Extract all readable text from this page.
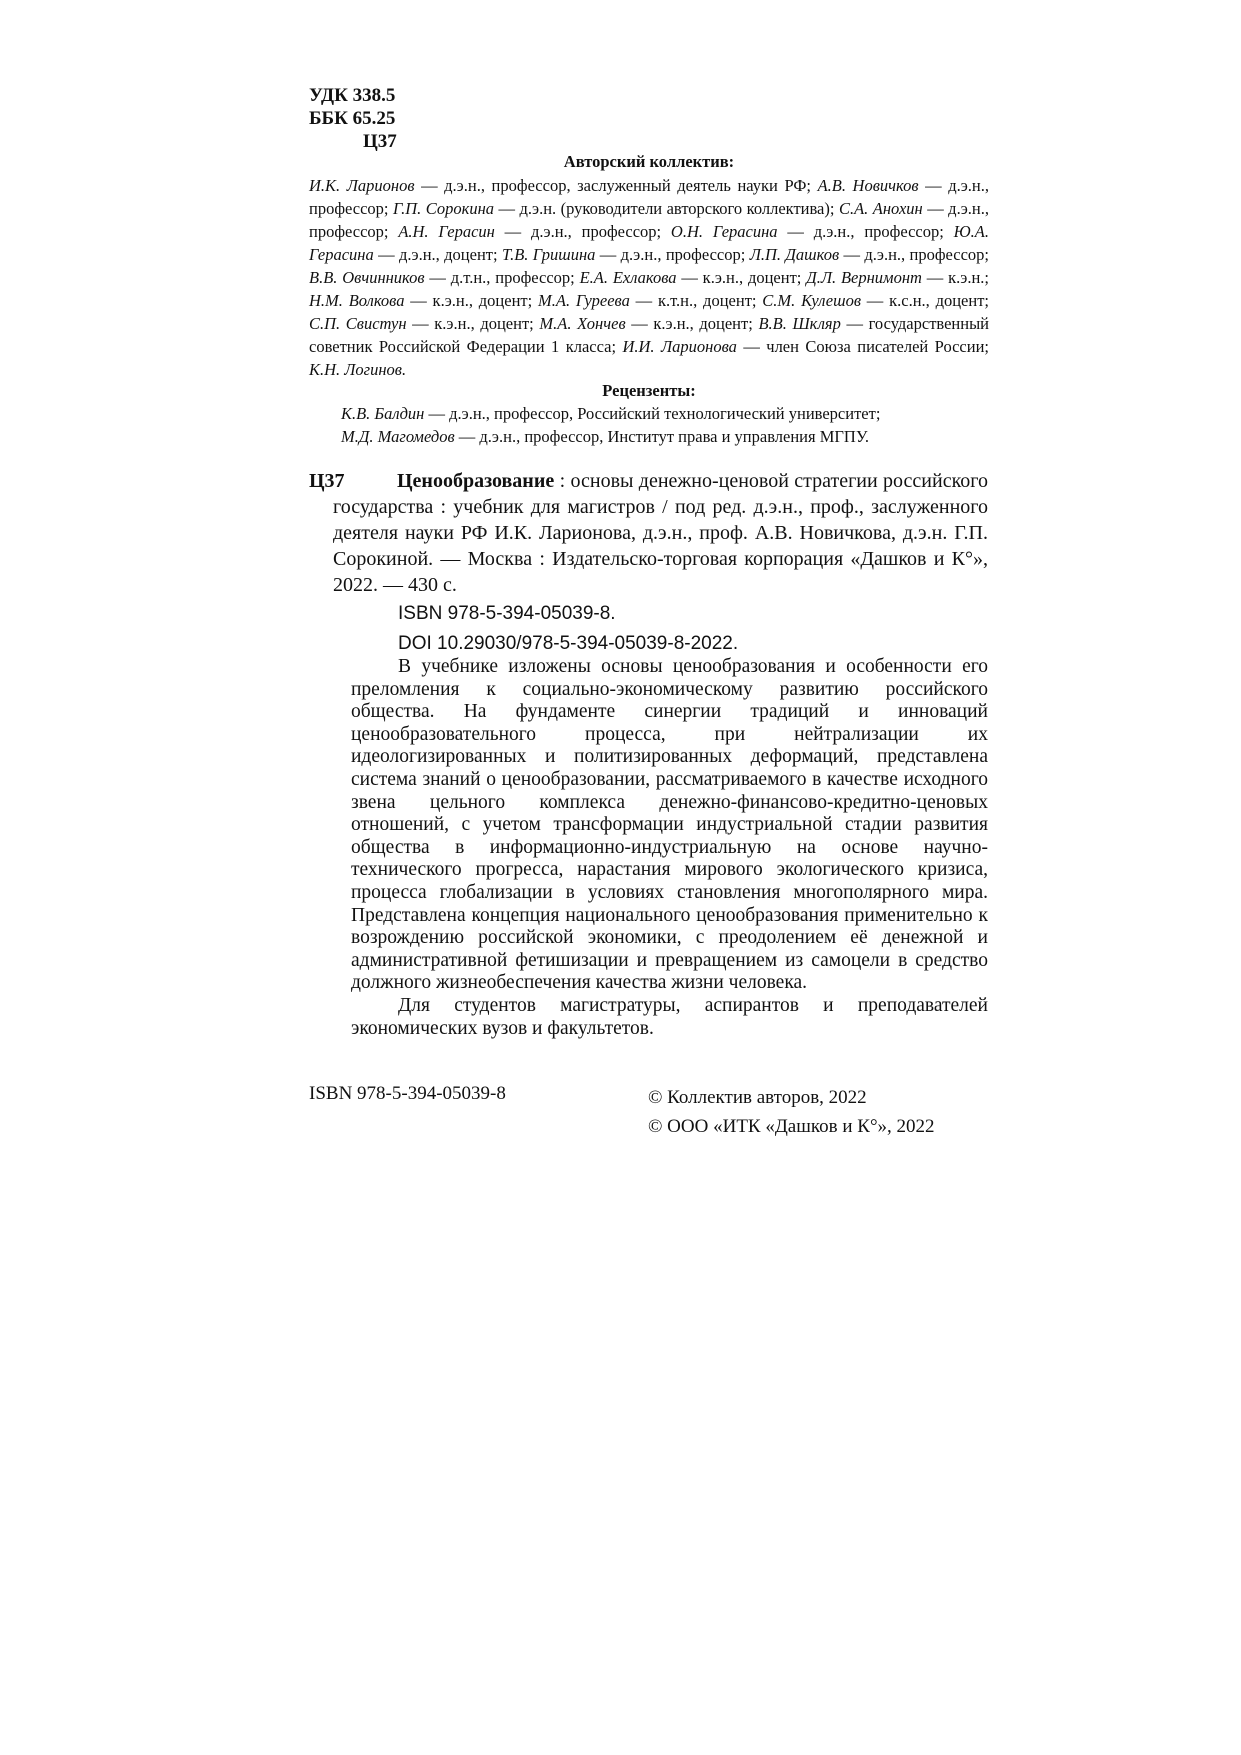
УДК 338.5
ББК 65.25
Ц37
Авторский коллектив:
И.К. Ларионов — д.э.н., профессор, заслуженный деятель науки РФ; А.В. Новичков — д.э.н., профессор; Г.П. Сорокина — д.э.н. (руководители авторского коллектива); С.А. Анохин — д.э.н., профессор; А.Н. Герасин — д.э.н., профессор; О.Н. Герасина — д.э.н., профессор; Ю.А. Герасина — д.э.н., доцент; Т.В. Гришина — д.э.н., профессор; Л.П. Дашков — д.э.н., профессор; В.В. Овчинников — д.т.н., профессор; Е.А. Ехлакова — к.э.н., доцент; Д.Л. Вернимонт — к.э.н.; Н.М. Волкова — к.э.н., доцент; М.А. Гуреева — к.т.н., доцент; С.М. Кулешов — к.с.н., доцент; С.П. Свистун — к.э.н., доцент; М.А. Хончев — к.э.н., доцент; В.В. Шкляр — государственный советник Российской Федерации 1 класса; И.И. Ларионова — член Союза писателей России; К.Н. Логинов.
Рецензенты:
К.В. Балдин — д.э.н., профессор, Российский технологический университет;
М.Д. Магомедов — д.э.н., профессор, Институт права и управления МГПУ.
Ц37	Ценообразование : основы денежно-ценовой стратегии российского государства : учебник для магистров / под ред. д.э.н., проф., заслуженного деятеля науки РФ И.К. Ларионова, д.э.н., проф. А.В. Новичкова, д.э.н. Г.П. Сорокиной. — Москва : Издательско-торговая корпорация «Дашков и К°», 2022. — 430 с.
ISBN 978-5-394-05039-8.
DOI 10.29030/978-5-394-05039-8-2022.

В учебнике изложены основы ценообразования и особенности его преломления к социально-экономическому развитию российского общества. На фундаменте синергии традиций и инноваций ценообразовательного процесса, при нейтрализации их идеологизированных и политизированных деформаций, представлена система знаний о ценообразовании, рассматриваемого в качестве исходного звена цельного комплекса денежно-финансово-кредитно-ценовых отношений, с учетом трансформации индустриальной стадии развития общества в информационно-индустриальную на основе научно-технического прогресса, нарастания мирового экологического кризиса, процесса глобализации в условиях становления многополярного мира. Представлена концепция национального ценообразования применительно к возрождению российской экономики, с преодолением её денежной и административной фетишизации и превращением из самоцели в средство должного жизнеобеспечения качества жизни человека.

Для студентов магистратуры, аспирантов и преподавателей экономических вузов и факультетов.

ISBN 978-5-394-05039-8	© Коллектив авторов, 2022
© ООО «ИТК «Дашков и К°», 2022
